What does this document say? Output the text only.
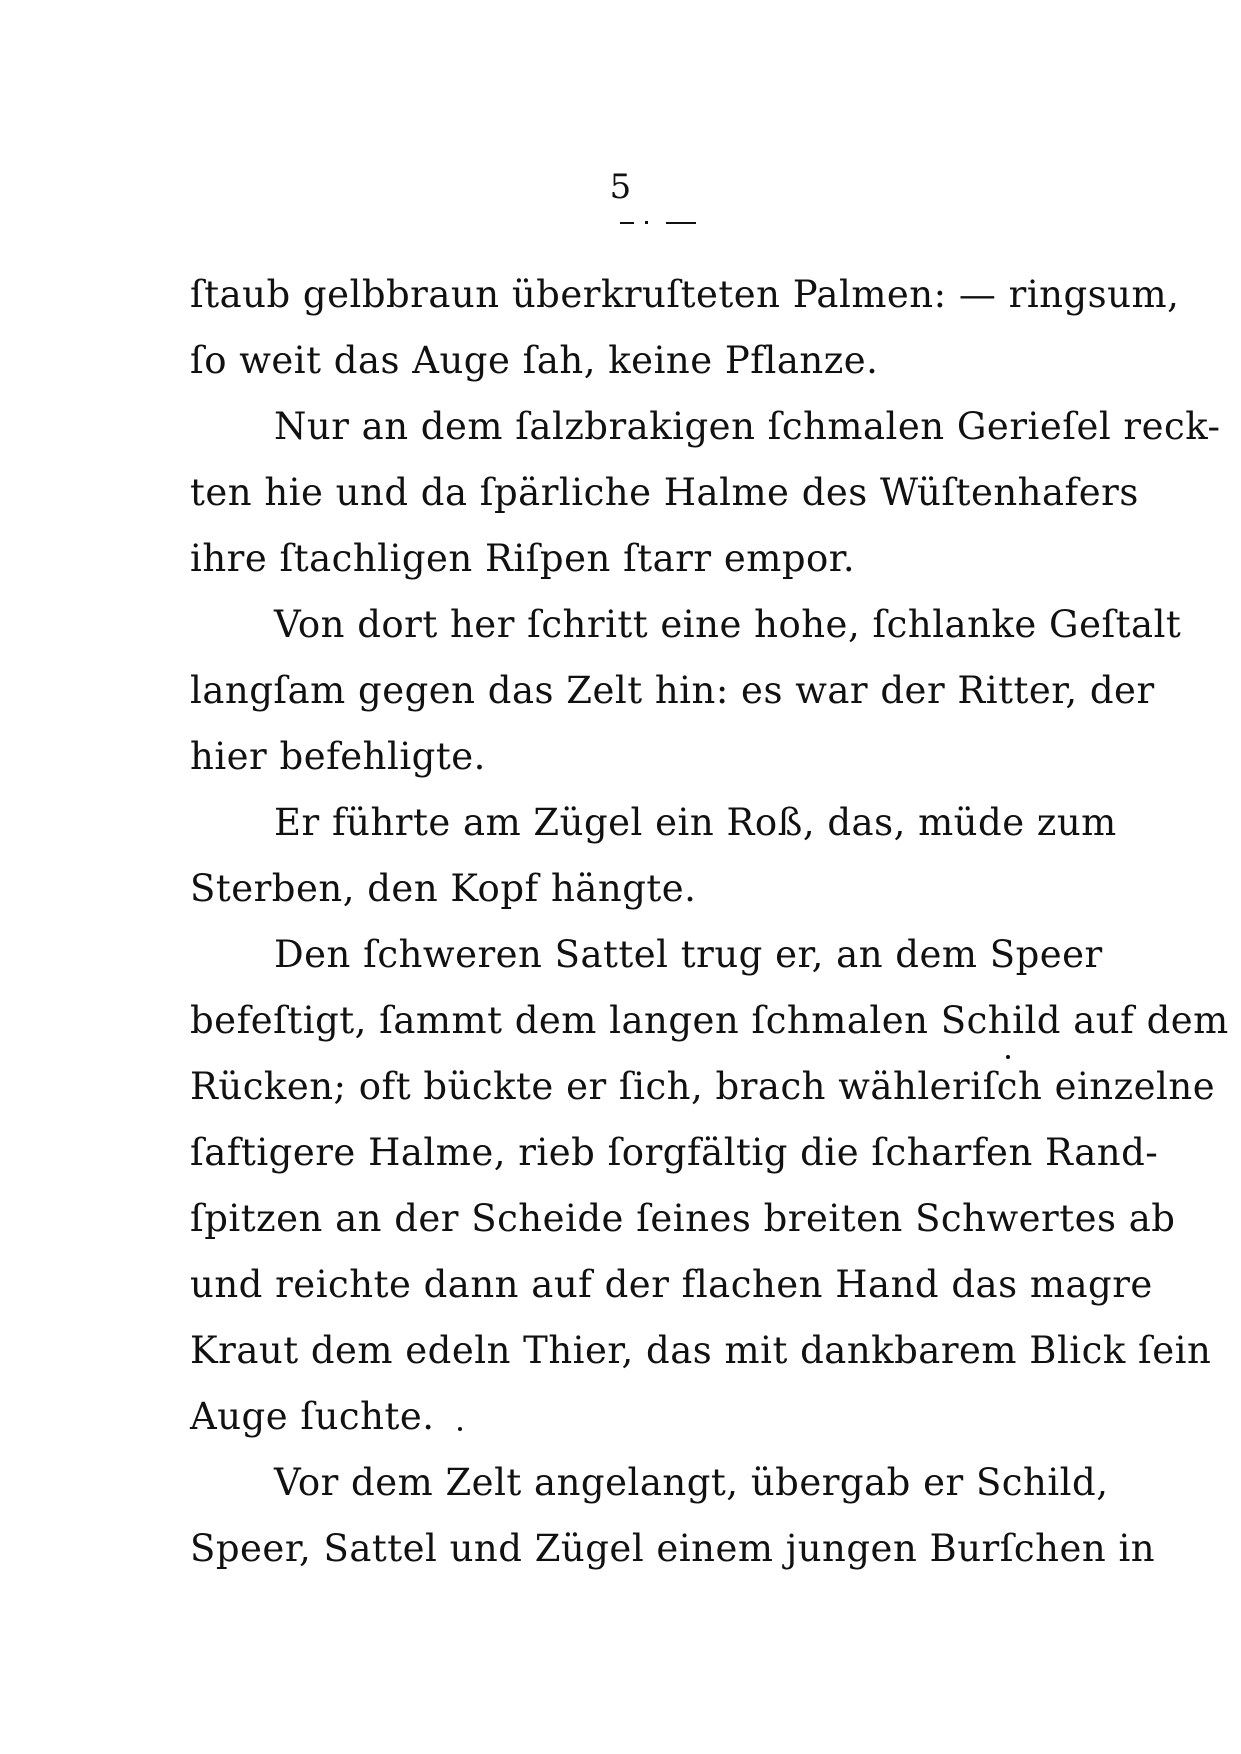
5
ſtaub gelbbraun überkruſteten Palmen: — ringsum,
ſo weit das Auge ſah, keine Pflanze.
Nur an dem ſalzbrakigen ſchmalen Gerieſel reck-
ten hie und da ſpärliche Halme des Wüſtenhafers
ihre ſtachligen Riſpen ſtarr empor.
Von dort her ſchritt eine hohe, ſchlanke Geſtalt
langſam gegen das Zelt hin: es war der Ritter, der
hier befehligte.
Er führte am Zügel ein Roß, das, müde zum
Sterben, den Kopf hängte.
Den ſchweren Sattel trug er, an dem Speer
befeſtigt, ſammt dem langen ſchmalen Schild auf dem
Rücken; oft bückte er ſich, brach wähleriſch einzelne
ſaftigere Halme, rieb ſorgfältig die ſcharfen Rand-
ſpitzen an der Scheide ſeines breiten Schwertes ab
und reichte dann auf der flachen Hand das magre
Kraut dem edeln Thier, das mit dankbarem Blick ſein
Auge ſuchte.
Vor dem Zelt angelangt, übergab er Schild,
Speer, Sattel und Zügel einem jungen Burſchen in
